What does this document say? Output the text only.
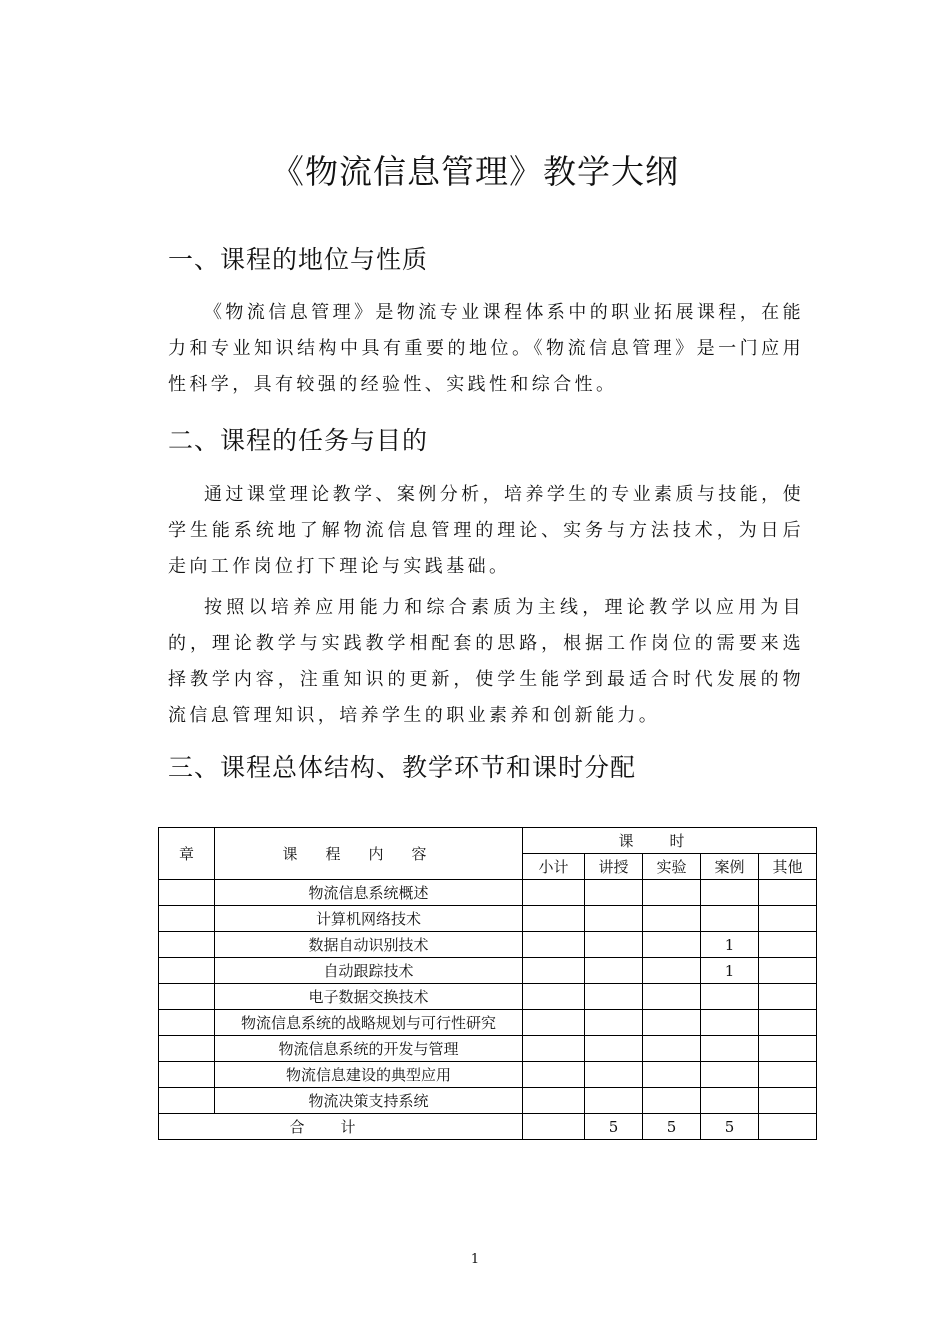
《物流信息管理》教学大纲
一、课程的地位与性质
《物流信息管理》是物流专业课程体系中的职业拓展课程，在能力和专业知识结构中具有重要的地位。《物流信息管理》是一门应用性科学，具有较强的经验性、实践性和综合性。
二、课程的任务与目的
通过课堂理论教学、案例分析，培养学生的专业素质与技能，使学生能系统地了解物流信息管理的理论、实务与方法技术，为日后走向工作岗位打下理论与实践基础。
按照以培养应用能力和综合素质为主线，理论教学以应用为目的，理论教学与实践教学相配套的思路，根据工作岗位的需要来选择教学内容，注重知识的更新，使学生能学到最适合时代发展的物流信息管理知识，培养学生的职业素养和创新能力。
三、课程总体结构、教学环节和课时分配
章	课程内容	课时				
		小计	讲授	实验	案例	其他
	物流信息系统概述					
	计算机网络技术					
	数据自动识别技术				1	
	自动跟踪技术				1	
	电子数据交换技术					
	物流信息系统的战略规划与可行性研究					
	物流信息系统的开发与管理					
	物流信息建设的典型应用					
	物流决策支持系统					
合计			5	5	5	
1
